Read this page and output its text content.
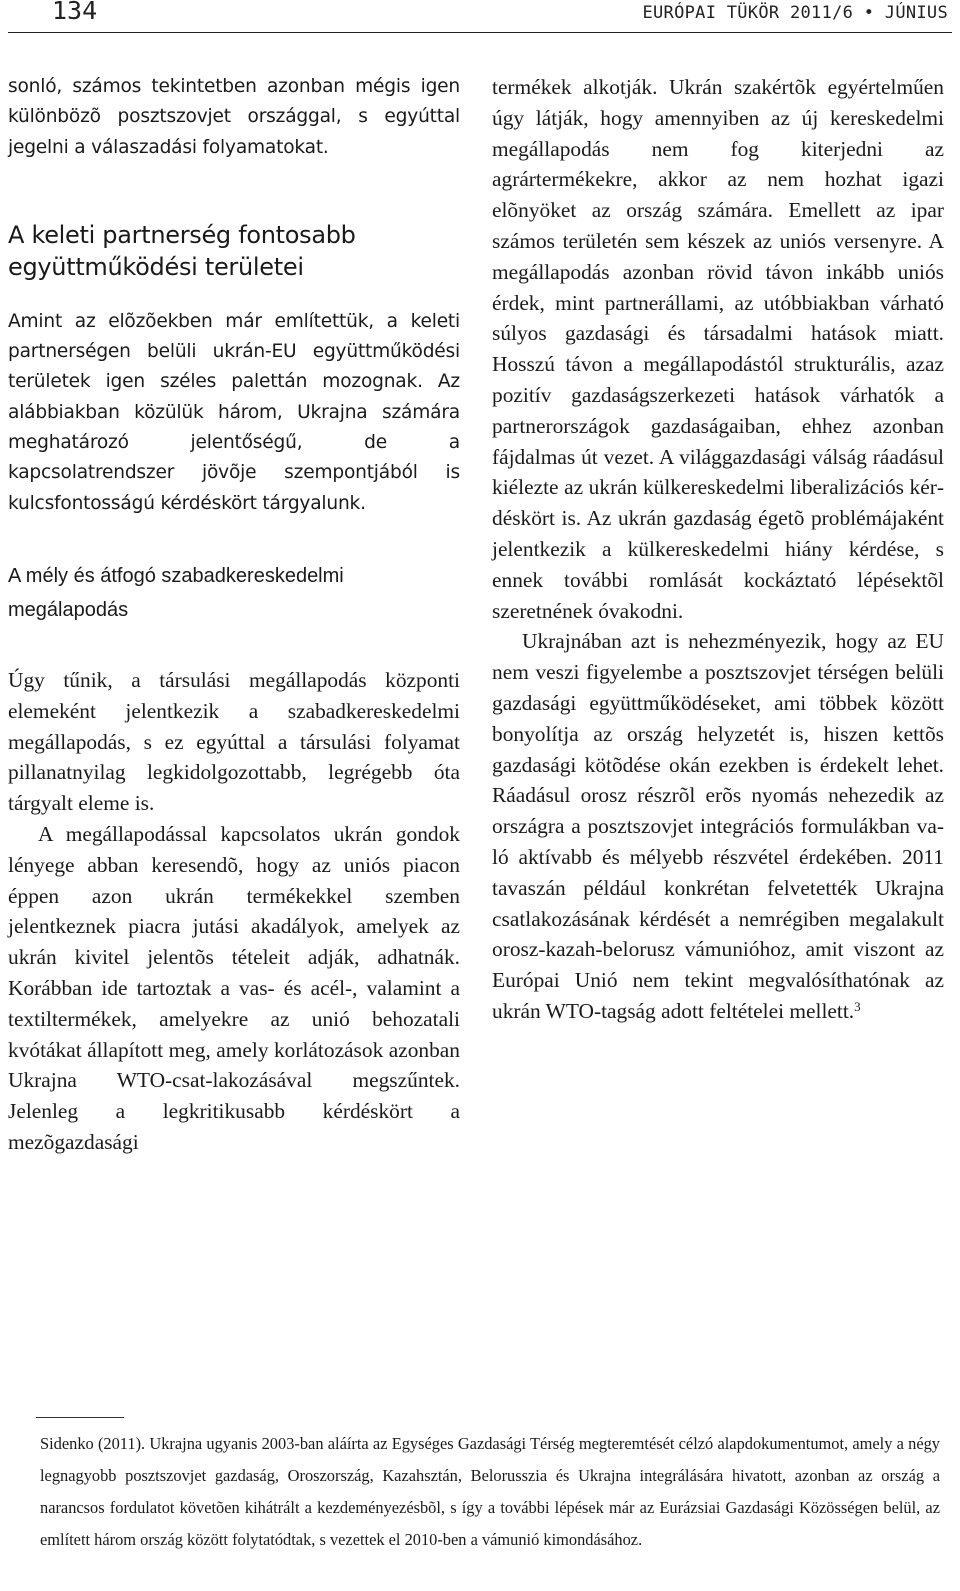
134	EURÓPAI TÜKÖR 2011/6 • JÚNIUS

sonló, számos tekintetben azonban mégis igen különbözõ posztszovjet országgal, s egyúttal jegelni a válaszadási folyamatokat.

A keleti partnerség fontosabb együttműködési területei

Amint az elõzõekben már említettük, a keleti partnerségen belüli ukrán-EU együttműködési területek igen széles palettán mozognak. Az alábbiakban közülük három, Ukrajna számára meghatározó jelentőségű, de a kapcsolatrendszer jövõje szempontjából is kulcsfontosságú kérdéskört tárgyalunk.

A mély és átfogó szabadkereskedelmi megálapodás

Úgy tűnik, a társulási megállapodás központi elemeként jelentkezik a szabadkereskedelmi megállapodás, s ez egyúttal a társulási folyamat pillanatnyilag legkidolgozottabb, legrégebb óta tárgyalt eleme is.

A megállapodással kapcsolatos ukrán gondok lényege abban keresendõ, hogy az uniós piacon éppen azon ukrán termékekkel szemben jelentkeznek piacra jutási akadályok, amelyek az ukrán kivitel jelentõs tételeit adják, adhatnák. Korábban ide tartoztak a vas- és acél-, valamint a textiltermékek, amelyekre az unió behozatali kvótákat állapított meg, amely korlátozások azonban Ukrajna WTO-csat-lakozásával megszűntek. Jelenleg a legkritikusabb kérdéskört a mezõgazdasági

termékek alkotják. Ukrán szakértõk egyértelműen úgy látják, hogy amennyiben az új kereskedelmi megállapodás nem fog kiterjedni az agrártermékekre, akkor az nem hozhat igazi elõnyöket az ország számára. Emellett az ipar számos területén sem készek az uniós versenyre. A megállapodás azonban rövid távon inkább uniós érdek, mint partnerállami, az utóbbiakban várható súlyos gazdasági és társadalmi hatások miatt. Hosszú távon a megállapodástól strukturális, azaz pozitív gazdaságszerkezeti hatások várhatók a partnerországok gazdaságaiban, ehhez azonban fájdalmas út vezet. A világgazdasági válság ráadásul kiélezte az ukrán külkereskedelmi liberalizációs kérdéskört is. Az ukrán gazdaság égetõ problémájaként jelentkezik a külkereskedelmi hiány kérdése, s ennek további romlását kockáztató lépésektõl szeretnének óvakodni.

Ukrajnában azt is nehezményezik, hogy az EU nem veszi figyelembe a posztszovjet térségen belüli gazdasági együttműködéseket, ami többek között bonyolítja az ország helyzetét is, hiszen kettõs gazdasági kötõdése okán ezekben is érdekelt lehet. Ráadásul orosz részrõl erõs nyomás nehezedik az országra a posztszovjet integrációs formulákban való aktívabb és mélyebb részvétel érdekében. 2011 tavaszán például konkrétan felvetették Ukrajna csatlakozásának kérdését a nemrégiben megalakult orosz-kazah-belorusz vámunióhoz, amit viszont az Európai Unió nem tekint megvalósíthatónak az ukrán WTO-tagság adott feltételei mellett.$^3$

Sidenko (2011). Ukrajna ugyanis 2003-ban aláírta az Egységes Gazdasági Térség megteremtését célzó alapdokumentumot, amely a négy legnagyobb posztszovjet gazdaság, Oroszország, Kazahsztán, Belorusszia és Ukrajna integrálására hivatott, azonban az ország a narancsos fordulatot követõen kihátrált a kezdeményezésbõl, s így a további lépések már az Eurázsiai Gazdasági Közösségen belül, az említett három ország között folytatódtak, s vezettek el 2010-ben a vámunió kimondásához.
